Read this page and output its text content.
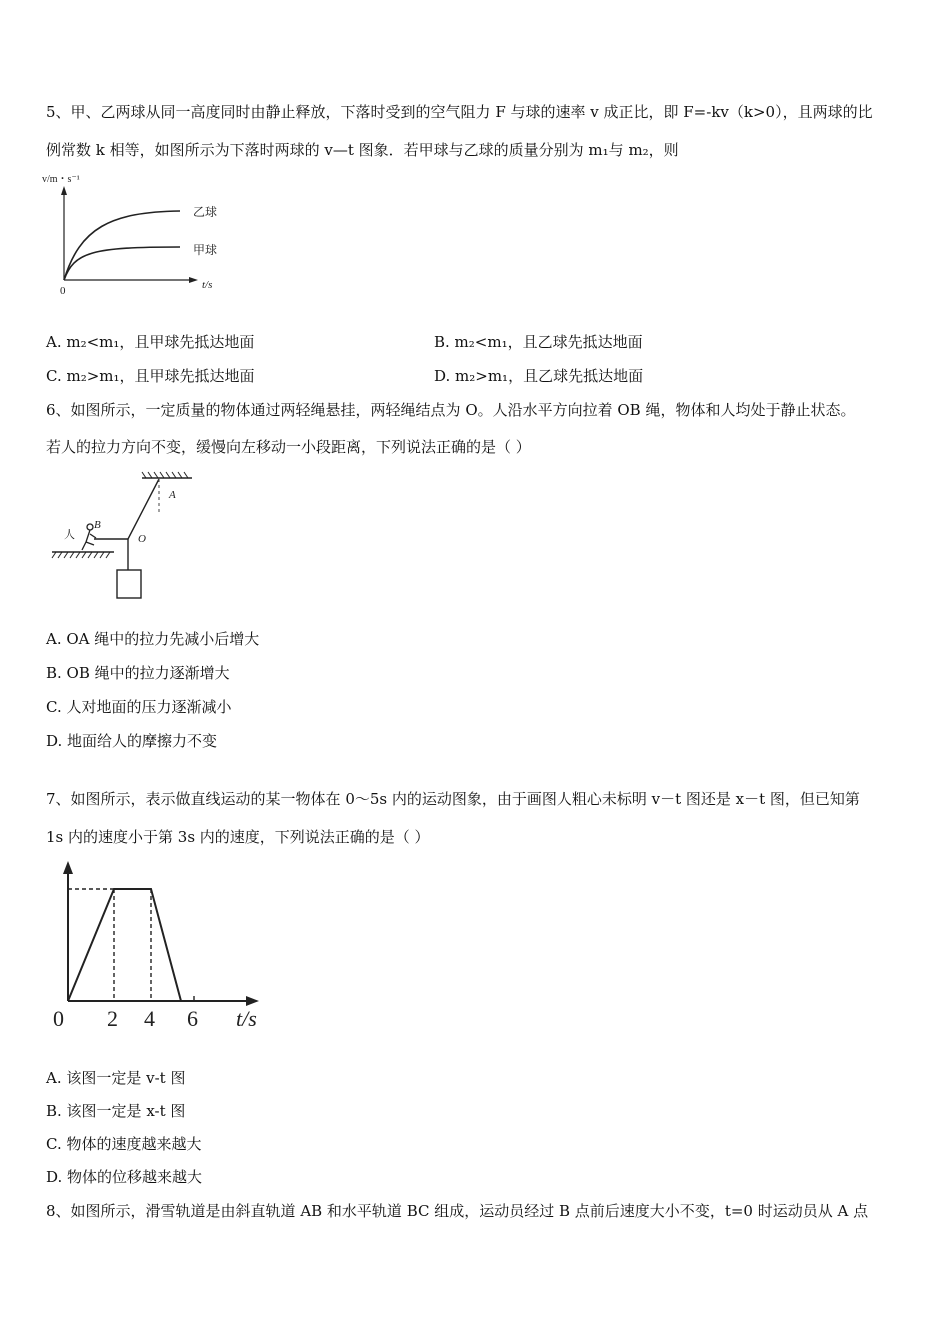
5、甲、乙两球从同一高度同时由静止释放，下落时受到的空气阻力 F 与球的速率 v 成正比，即 F=-kv（k>0），且两球的比
例常数 k 相等，如图所示为下落时两球的 v—t 图象．若甲球与乙球的质量分别为 m₁与 m₂，则
v/m・s⁻¹
0	t/s
乙球
甲球
A. m₂<m₁，且甲球先抵达地面	B. m₂<m₁，且乙球先抵达地面
C. m₂>m₁，且甲球先抵达地面	D. m₂>m₁，且乙球先抵达地面
6、如图所示，一定质量的物体通过两轻绳悬挂，两轻绳结点为 O。人沿水平方向拉着 OB 绳，物体和人均处于静止状态。
若人的拉力方向不变，缓慢向左移动一小段距离，下列说法正确的是（ ）
A
O
人
B
A. OA 绳中的拉力先减小后增大
B. OB 绳中的拉力逐渐增大
C. 人对地面的压力逐渐减小
D. 地面给人的摩擦力不变
7、如图所示，表示做直线运动的某一物体在 0～5s 内的运动图象，由于画图人粗心未标明 v－t 图还是 x－t 图，但已知第
1s 内的速度小于第 3s 内的速度，下列说法正确的是（ ）
0 2 4 6 t/s
A. 该图一定是 v-t 图
B. 该图一定是 x-t 图
C. 物体的速度越来越大
D. 物体的位移越来越大
8、如图所示，滑雪轨道是由斜直轨道 AB 和水平轨道 BC 组成，运动员经过 B 点前后速度大小不变，t=0 时运动员从 A 点
